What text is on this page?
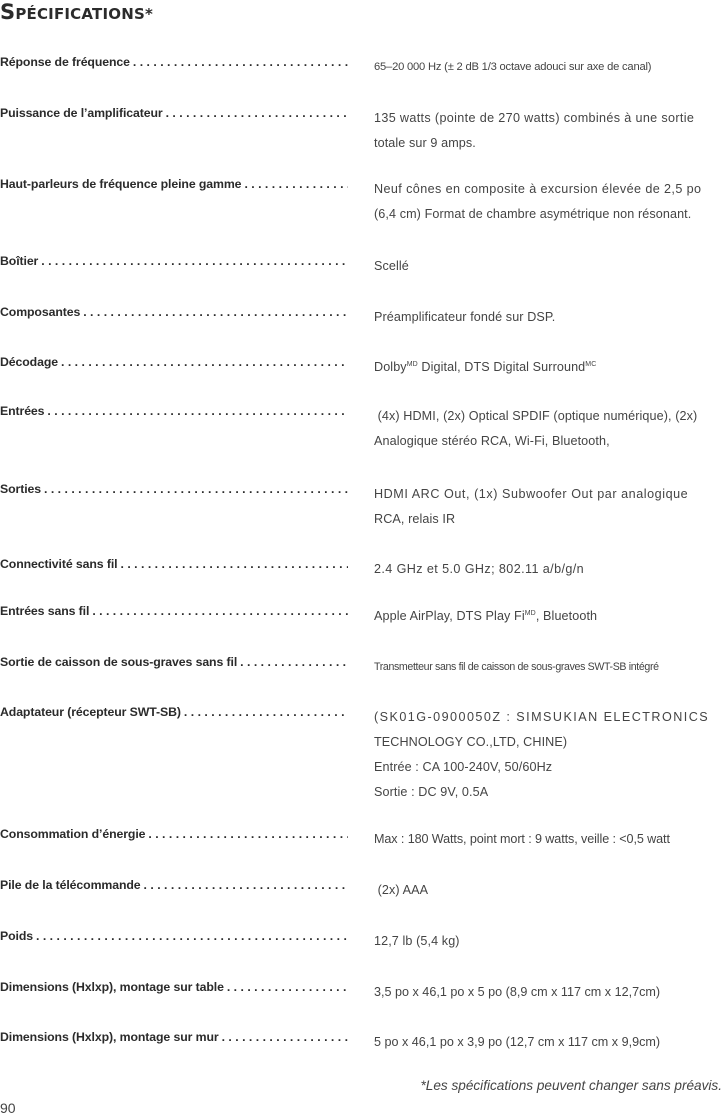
SPÉCIFICATIONS*
Réponse de fréquence . . .	65–20 000 Hz (± 2 dB 1/3 octave adouci sur axe de canal)
Puissance de l’amplificateur . . .	135 watts (pointe de 270 watts) combinés à une sortie
totale sur 9 amps.
Haut-parleurs de fréquence pleine gamme . . .	Neuf cônes en composite à excursion élevée de 2,5 po
(6,4 cm) Format de chambre asymétrique non résonant.
Boîtier . . .	Scellé
Composantes . . .	Préamplificateur fondé sur DSP.
Décodage . . .	Dolby$^{MD}$ Digital, DTS Digital Surround$^{MC}$
Entrées . . .	(4x) HDMI, (2x) Optical SPDIF (optique numérique), (2x)
Analogique stéréo RCA, Wi-Fi, Bluetooth,
Sorties . . .	HDMI ARC Out, (1x) Subwoofer Out par analogique
RCA, relais IR
Connectivité sans fil . . .	2.4 GHz et 5.0 GHz; 802.11 a/b/g/n
Entrées sans fil . . .	Apple AirPlay, DTS Play $Fi^{MD}$, Bluetooth
Sortie de caisson de sous-graves sans fil . . .	Transmetteur sans fil de caisson de sous-graves SWT-SB intégré
Adaptateur (récepteur SWT-SB) . . .	(SK01G-0900050Z : SIMSUKIAN ELECTRONICS
TECHNOLOGY CO.,LTD, CHINE)
Entrée : CA 100-240V, 50/60Hz
Sortie : DC 9V, 0.5A
Consommation d’énergie . . .	Max : 180 Watts, point mort : 9 watts, veille : <0,5 watt
Pile de la télécommande . . .	(2x) AAA
Poids . . .	12,7 lb (5,4 kg)
Dimensions (Hxlxp), montage sur table . . .	3,5 po x 46,1 po x 5 po (8,9 cm x 117 cm x 12,7cm)
Dimensions (Hxlxp), montage sur mur . . .	5 po x 46,1 po x 3,9 po (12,7 cm x 117 cm x 9,9cm)
*Les spécifications peuvent changer sans préavis.
90
